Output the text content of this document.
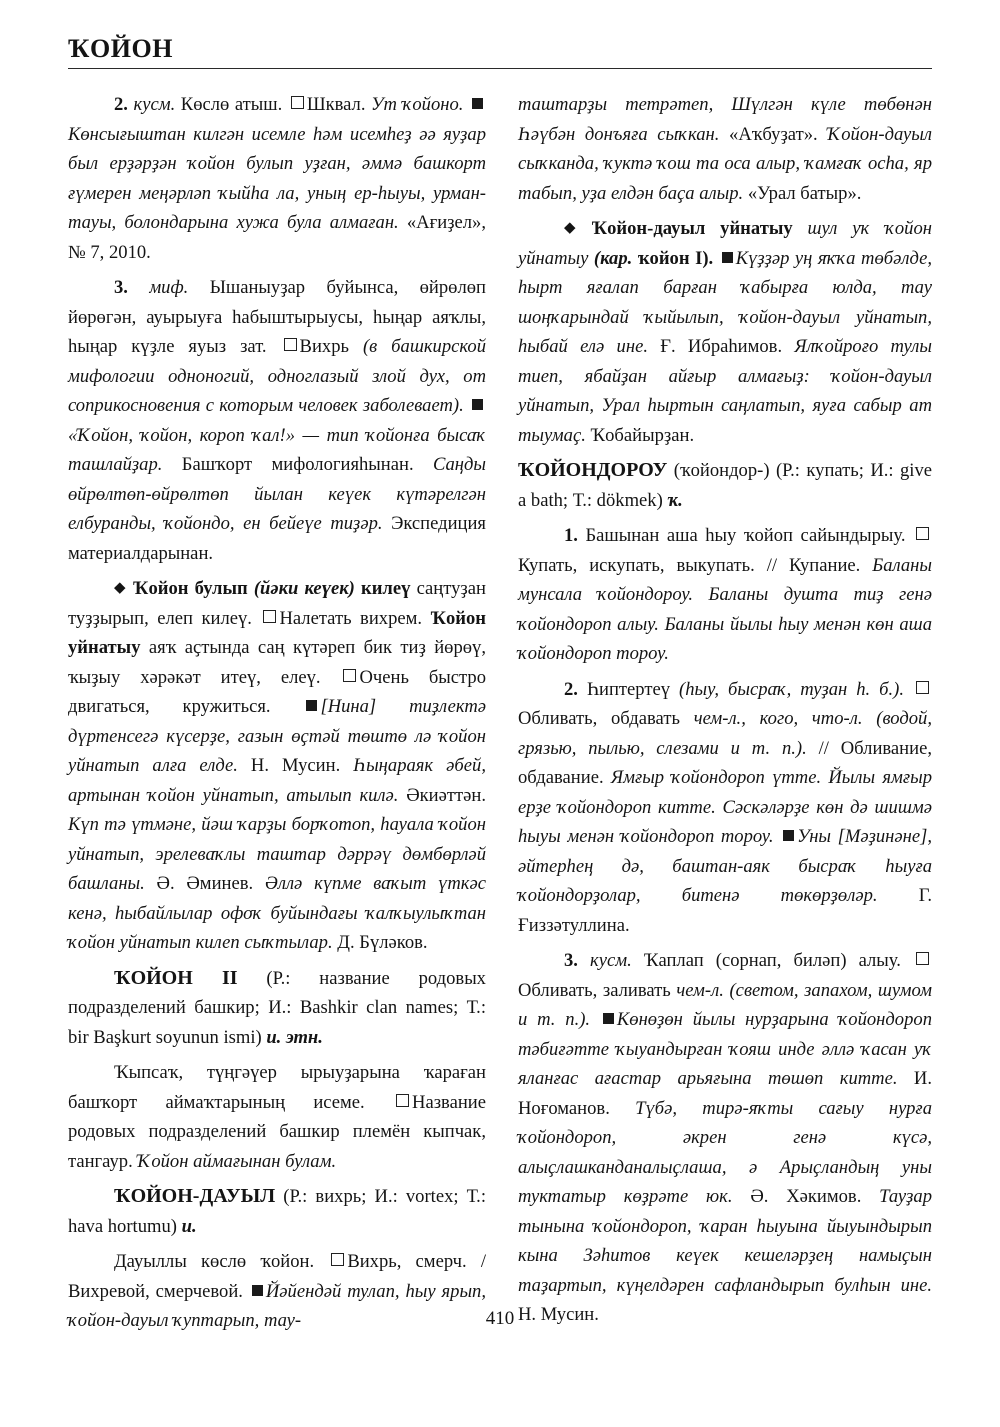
ҠОЙОН

2. кусм. Көслө атыш. Шквал. Ут ҡойоно. Көнсығыштан килгән исемле һәм исемһеҙ әә яуҙар был ерҙәрҙән ҡойон булып уҙған, әммә башкорт ғүмерен меңәрләп ҡыйһа ла, уның ер-һыуы, урман-тауы, болондарына хужа була алмаған. «Ағиҙел», № 7, 2010.

3. миф. Ышаныуҙар буйынса, өйрөлөп йөрөгән, ауырыуға һабыштырыусы, һыңар аяҡлы, һыңар күҙле яуыз зат. Вихрь (в башкирской мифологии одноногий, одноглазый злой дух, от соприкосновения с которым человек заболевает). «Ҡойон, ҡойон, короп ҡал!» — тип ҡойонға бысаҡ ташлайҙар. Башҡорт мифологияһынан. Саңды өйрөлтөп-өйрөлтөп йылан кеүек күтәрелгән елбуранды, ҡойондо, ен бейеүе тиҙәр. Экспедиция материалдарынан.

◆ Ҡойон булып (йәки кеүек) килеү саңтуҙан туҙҙырып, елеп килеү. Налетать вихрем. Ҡойон уйнатыу аяҡ аҫтында саң күтәреп бик тиҙ йөрөү, ҡыҙыу хәрәкәт итеү, елеү. Очень быстро двигаться, кружиться.	[Нина] тиҙлектә дүртенсегә күсерҙе, газын өҫтәй төштө лә ҡойон уйнатып алға елде. Н. Мусин. Һыңараяк әбей, артынан ҡойон уйнатып, атылып килә. Әкиәттән. Күп тә үтмәне, йәш ҡарҙы борҡотоп, һауала ҡойон уйнатып, эрелеваҡлы таштар дәррәү дөмбөрләй башланы. Ә. Әминев. Әллә күпме ваҡыт үткәс кенә, һыбайлылар офоҡ буйындағы ҡалҡыулыҡтан ҡойон уйнатып килеп сыҡтылар. Д. Бүләков.

ҠОЙОН II (Р.: название родовых подразделений башкир; И.: Bashkir clan names; Т.: bir Başkurt soyunun ismi) и. этн.

Ҡыпсаҡ, түңгәүер ырыуҙарына ҡараған башҡорт аймаҡтарының исеме.	Название родовых подразделений башкир племён кыпчак, тангаур. Ҡойон аймағынан булам.

ҠОЙОН-ДАУЫЛ (Р.: вихрь; И.: vortex; Т.: hava hortumu) и.

Дауыллы көслө ҡойон. Вихрь, смерч. / Вихревой, смерчевой. Йәйендәй тулап, һыу ярып, ҡойон-дауыл ҡуптарып, тау-

таштарҙы тетрәтеп, Шүлгән күле төбөнән Һәүбән донъяға сыҡкан. «Аҡбуҙат». Ҡойон-дауыл сыҡканда, ҡуктә ҡош та оса алыр, ҡамғаҡ осһа, яр табып, уҙа елдән баҫа алыр. «Урал батыр».

◆ Ҡойон-дауыл уйнатыу шул уҡ ҡойон уйнатыу (кар. ҡойон I). Күҙҙәр уң яҡҡа төбәлде, һырт яғалап барған ҡабырға юлда, тау шоңҡарындай ҡыйылып, ҡойон-дауыл уйнатып, һыбай елә ине. Ғ. Ибраһимов. Ялҡойроғо тулы тиеп, ябайҙан айғыр алмағыҙ: ҡойон-дауыл уйнатып, Урал һыртын саңлатып, яуға сабыр ат тыумаҫ. Ҡобайырҙан.

ҠОЙОНДОРОУ (ҡойондор-) (Р.: купать; И.: give a bath; Т.: dökmek) ҡ.

1. Башынан аша һыу ҡойоп сайындырыу. Купать, искупать, выкупать. // Купание. Баланы мунсала ҡойондороу. Баланы душта тиҙ генә ҡойондороп алыу. Баланы йылы һыу менән көн аша ҡойондороп тороу.

2. Һиптертеү (һыу, бысраҡ, туҙан һ. б.). Обливать, обдавать чем-л., кого, что-л. (водой, грязью, пылью, слезами и т. п.). // Обливание, обдавание. Ямғыр ҡойондороп үтте. Йылы ямғыр ерҙе ҡойондороп китте. Сәскәләрҙе көн дә шишмә һыуы менән ҡойондороп тороу. Уны [Мәҙинәне], әйтерһең дә, баштан-аяк бысраҡ һыуға ҡойондорҙолар, битенә төкөрҙөләр. Г. Ғиззәтуллина.

3. кусм. Ҡаплап (сорнап, биләп) алыу. Обливать, заливать чем-л. (светом, запахом, шумом и т. п.). Көнөҙөн йылы нурҙарына ҡойондороп тәбиғәтте ҡыуандырған ҡояш инде әллә ҡасан уҡ яланғас ағастар арьяғына төшөп китте. И. Ноғоманов. Түбә, тирә-яҡты сағыу нурға ҡойондороп, әкрен генә күсә, алыҫлашканданалыҫлаша, ә Арыҫландың уны туктатыр көҙрәте юк. Ә. Хәкимов. Тауҙар тынына ҡойондороп, ҡаран һыуына йыуындырып кына Зәһитов кеүек кешеләрҙең намыҫын таҙартып, күңелдәрен сафландырып булһын ине. Н. Мусин.

410
